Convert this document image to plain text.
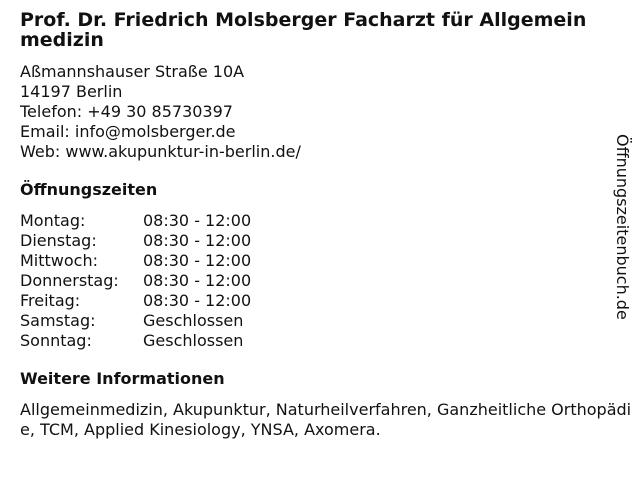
Prof. Dr. Friedrich Molsberger Facharzt für Allgemein medizin
Aßmannshauser Straße 10A
14197 Berlin
Telefon: +49 30 85730397
Email: info@molsberger.de
Web: www.akupunktur-in-berlin.de/
Öffnungszeiten
Montag:	08:30 - 12:00
Dienstag:	08:30 - 12:00
Mittwoch:	08:30 - 12:00
Donnerstag:	08:30 - 12:00
Freitag:	08:30 - 12:00
Samstag:	Geschlossen
Sonntag:	Geschlossen
Weitere Informationen
Allgemeinmedizin, Akupunktur, Naturheilverfahren, Ganzheitliche Orthopädie, TCM, Applied Kinesiology, YNSA, Axomera.
Öffnungszeitenbuch.de
